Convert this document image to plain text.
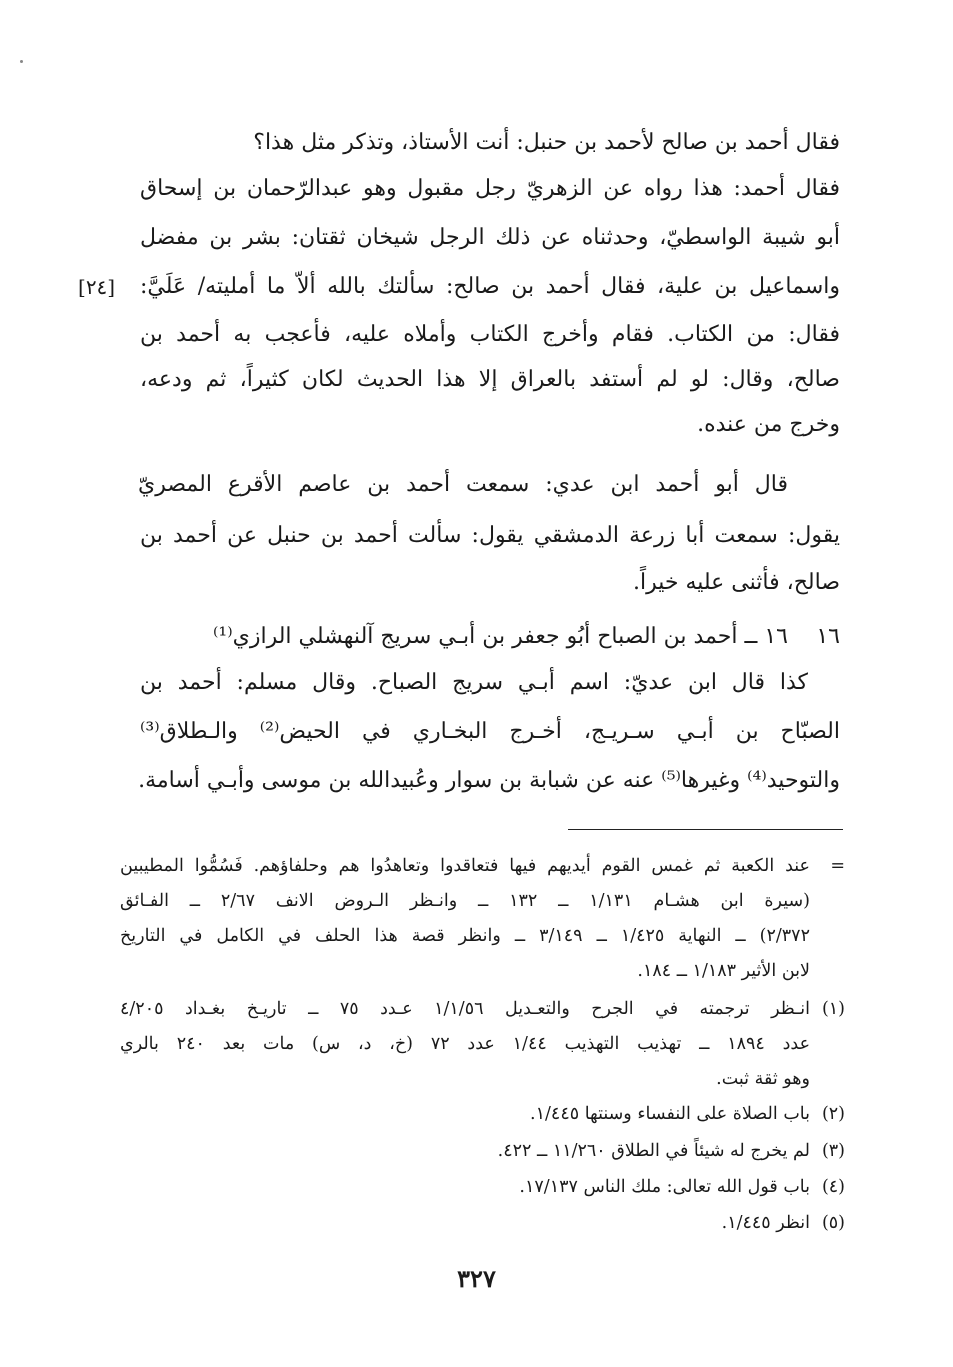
فقال أحمد بن صالح لأحمد بن حنبل: أنت الأستاذ، وتذكر مثل هذا؟
فقال أحمد: هذا رواه عن الزهريّ رجل مقبول وهو عبدالرّحمان بن إسحاق
أبو شيبة الواسطيّ، وحدثناه عن ذلك الرجل شيخان ثقتان: بشر بن مفضل
واسماعيل بن علية، فقال أحمد بن صالح: سألتك بالله ألاّ ما أمليته/ عَلَيَّ:
[٢٤]
فقال: من الكتاب. فقام وأخرج الكتاب وأملاه عليه، فأعجب به أحمد بن
صالح، وقال: لو لم أستفد بالعراق إلا هذا الحديث لكان كثيراً، ثم ودعه،
وخرج من عنده.
قال أبو أحمد ابن عدي: سمعت أحمد بن عاصم الأقرع المصريّ
يقول: سمعت أبا زرعة الدمشقي يقول: سألت أحمد بن حنبل عن أحمد بن
صالح، فأثنى عليه خيراً.
١٦
١٦ ــ أحمد بن الصباح أبُو جعفر بن أبـي سريج آلنهشلي الرازي⁽¹⁾
كذا قال ابن عديّ: اسم أبـي سريج الصباح. وقال مسلم: أحمد بن
الصبّاح بن أبـي سـريـج، أخـرج البخـاري في الحيض⁽²⁾ والـطلاق⁽³⁾
والتوحيد⁽⁴⁾ وغيرها⁽⁵⁾ عنه عن شبابة بن سوار وعُبيدالله بن موسى وأبـي أسامة.
=
عند الكعبة ثم غمس القوم أيديهم فيها فتعاقدوا وتعاهدُوا هم وحلفاؤهم. فَسُمُّوا المطيبين
(سيرة ابن هشـام ١/١٣١ ــ ١٣٢ ــ وانـظر الـروض الانف ٢/٦٧ ــ الفـائق
٢/٣٧٢) ــ النهاية ١/٤٢٥ ــ ٣/١٤٩ ــ وانظر قصة هذا الحلف في الكامل في التاريخ
لابن الأثير ١/١٨٣ ــ ١٨٤.
(١)
انـظر ترجمته في الجرح والتعـديل ١/١/٥٦ عـدد ٧٥ ــ تاريـخ بغـداد ٤/٢٠٥
عدد ١٨٩٤ ــ تهذيب التهذيب ١/٤٤ عدد ٧٢ (خ، د، س) مات بعد ٢٤٠ بالري
وهو ثقة ثبت.
(٢)
باب الصلاة على النفساء وسنتها ١/٤٤٥.
(٣)
لم يخرج له شيئاً في الطلاق ١١/٢٦٠ ــ ٤٢٢.
(٤)
باب قول الله تعالى: ملك الناس ١٧/١٣٧.
(٥)
انظر ١/٤٤٥.
٣٢٧
